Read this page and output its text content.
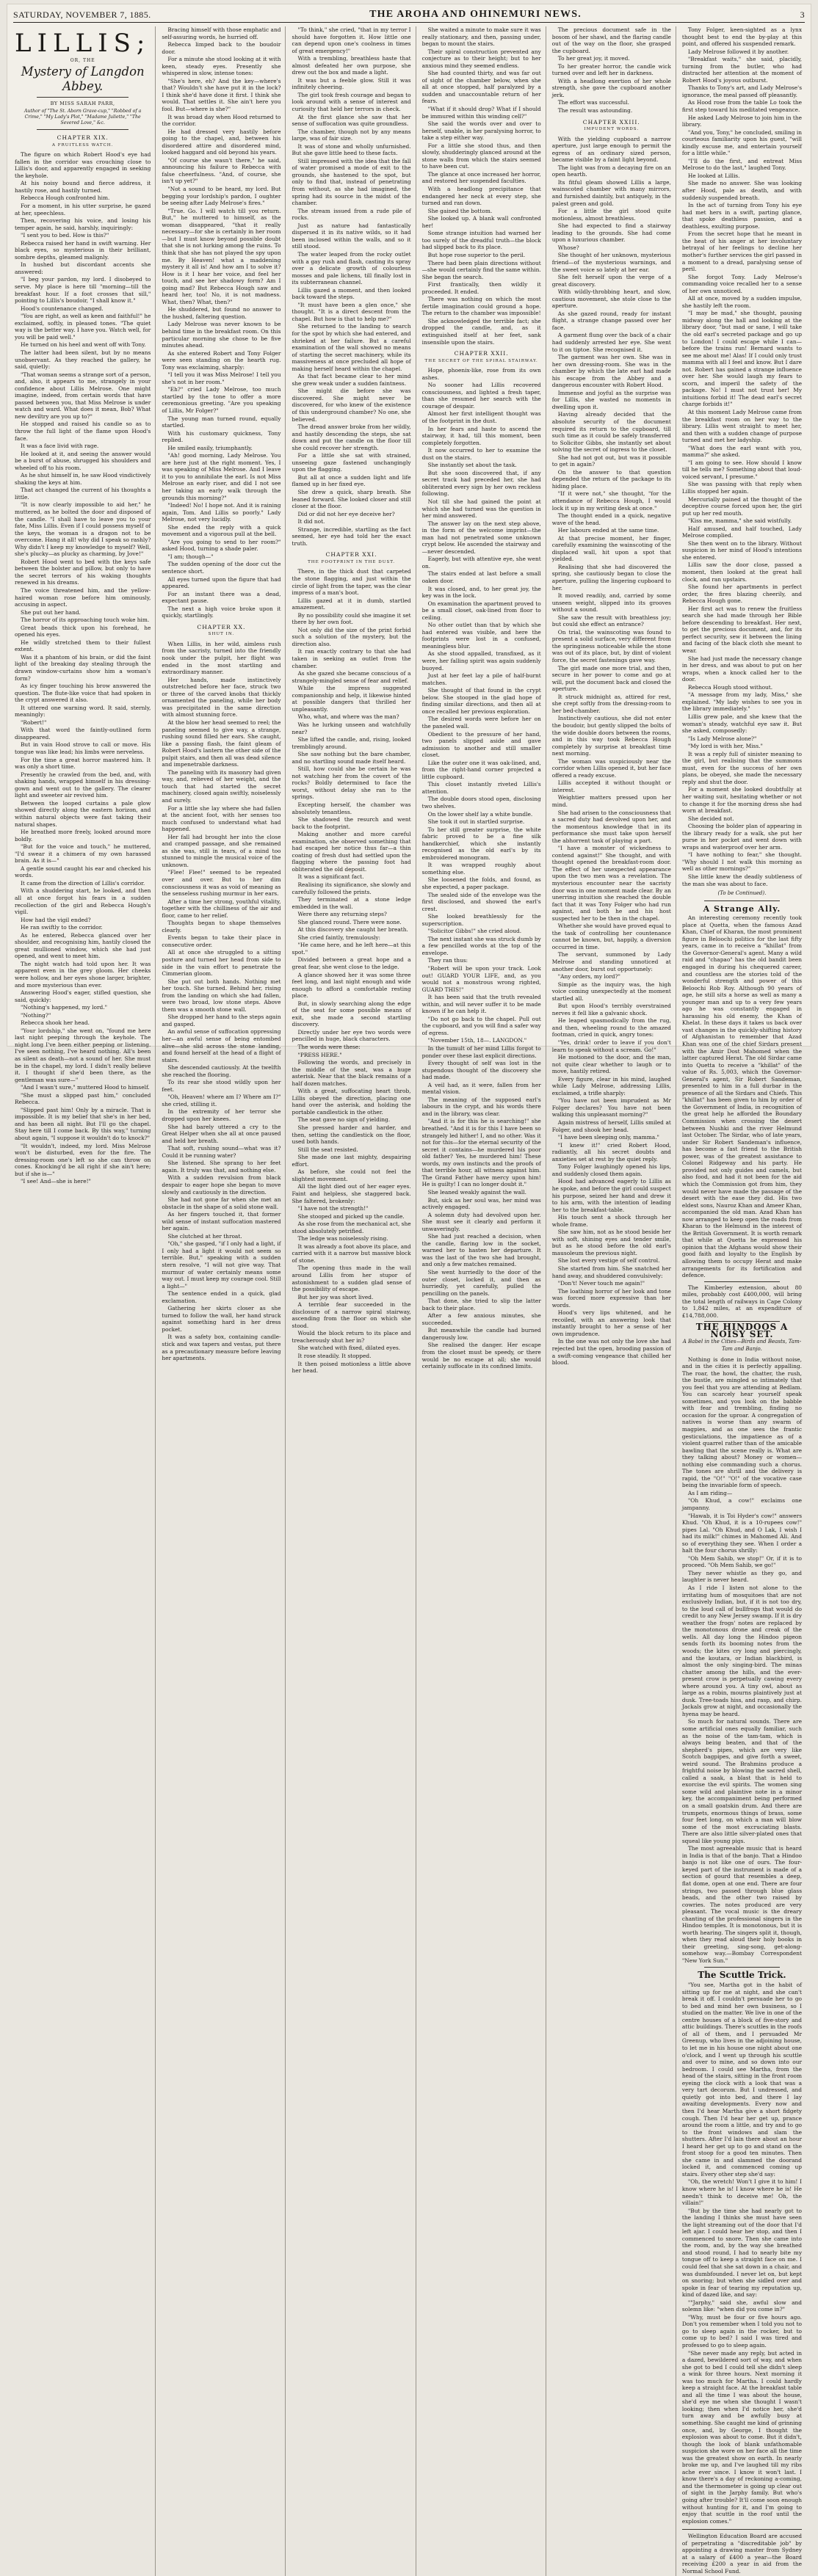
SATURDAY, NOVEMBER 7, 1885.	THE AROHA AND OHINEMURI NEWS.	3
LILLIS;
OR, THE
Mystery of Langdon Abbey.
BY MISS SARAH PARR,
Author of "The St. Aborn Grave-cup," "Robbed of a Crime," "My Lady's Plot," "Madame Juliette," "The Severed Love," &c.
CHAPTER XIX.
A FRUITLESS WATCH.

The figure on which Robert Hood's eye had fallen in the corridor was crouching close to Lillis's door, and apparently engaged in seeking the keyhole.

At his noisy bound and fierce address, it hastily rose, and hastily turned.

Rebecca Hough confronted him.

For a moment, in his utter surprise, he gazed at her, speechless.

Then, recovering his voice, and losing his temper again, he said, harshly, inquiringly:

"I sent you to bed. How is this?"

Rebecca raised her hand in swift warning. Her black eyes, so mysterious in their brilliant, sombre depths, gleamed malignly.

In hushed but discordant accents she answered:

"I beg your pardon, my lord. I disobeyed to serve. My place is here till "morning—till the breakfast hour. If a foot crosses that sill," pointing to Lillis's boudoir, "I shall know it."

Hood's countenance changed.

"You are right, as well as keen and faithful!" he exclaimed, softly, in pleased tones. "The quiet way is the better way. I have you. Watch well, for you will be paid well."

He turned on his heel and went off with Tony.

The latter had been silent, but by no means unobservant. As they reached the gallery, he said, quietly:

"That woman seems a strange sort of a person, and, also, it appears to me, strangely in your confidence about Lillis Melrose. One might imagine, indeed, from certain words that have passed between you, that Miss Melrose is under watch and ward. What does it mean, Bob? What new deviltry are you up to?"

He stopped and raised his candle so as to throw the full light of the flame upon Hood's face.

It was a face livid with rage.

He looked at it, and seeing the answer would be a burst of abuse, shrugged his shoulders and wheeled off to his room.

As he shut himself in, he saw Hood vindictively shaking the keys at him.

That act changed the current of his thoughts a little.

"It is now clearly impossible to aid her," he muttered, as he bolted the door and disposed of the candle. "I shall have to leave you to your fate, Miss Lillis. Even if I could possess myself of the keys, the woman is a dragon not to be overcome. Hang it all! why did I speak so rashly? Why didn't I keep my knowledge to myself? Well, she's plucky—as plucky as charming, by Jove!"

Robert Hood went to bed with the keys safe between the bolster and pillow, but only to have the secret terrors of his waking thoughts renewed in his dreams.

The voice threatened him, and the yellow-haired woman rose before him ominously, accusing in aspect.

She put out her hand.

The horror of its approaching touch woke him.

Great beads thick upon his forehead, he opened his eyes.

He wildly stretched them to their fullest extent.

Was it a phantom of his brain, or did the faint light of the breaking day stealing through the drawn window-curtains show him a woman's form?

As icy finger touching his brow answered the question. The flute-like voice that had spoken in the crypt answered it also.

It uttered one warning word. It said, sternly, meaningly:

"Robert!"

With that word the faintly-outlined form disappeared.

But in vain Hood strove to call or move. His tongue was like lead; his limbs were nerveless.

For the time a great horror mastered him. It was only a short time.

Presently he crawled from the bed, and, with shaking hands, wrapped himself in his dressing-gown and went out to the gallery. The clearer light and sweeter air revived him.

Between the looped curtains a pale glow showed directly along the eastern horizon, and within natural objects were fast taking their natural shapes.

He breathed more freely, looked around more boldly.

"But for the voice and touch," he muttered, "I'd swear it a chimera of my own harassed brain. As it is—"

A gentle sound caught his ear and checked his words.

It came from the direction of Lillis's corridor.

With a shuddering start, he looked, and then all at once forgot his fears in a sudden recollection of the girl and Rebecca Hough's vigil.

How had the vigil ended?

He ran swiftly to the corridor.

As he entered, Rebecca glanced over her shoulder, and recognising him, hastily closed the great mullioned window, which she had just opened, and went to meet him.

The night watch had told upon her. It was apparent even in the grey gloom. Her cheeks were hollow, and her eyes shone larger, brighter, and more mysterious than ever.

Answering Hood's eager, stifled question, she said, quickly:

"Nothing's happened, my lord."

"Nothing?"

Rebecca shook her head.

"Your lordship," she went on, "found me here last night peeping through the keyhole. The night long I've been either peeping or listening. I've seen nothing, I've heard nothing. All's been as silent as death—not a sound of her. She must be in the chapel, my lord. I didn't really believe it. I thought if she'd been there, as the gentleman was sure—"

"And I wasn't sure," muttered Hood to himself.

"She must a slipped past him," concluded Rebecca.

"Slipped past him! Only by a miracle. That is impossible. It is my belief that she's in her bed, and has been all night. But I'll go the chapel. Stay here till I come back. By this way," turning about again, "I suppose it wouldn't do to knock?"

"It wouldn't, indeed, my lord. Miss Melrose won't be disturbed, even for the fire. The dressing-room one's left so she can throw on cones. Knocking'd be all right if she ain't here; but if she is—"

"I see! And—she is here!"

Bracing himself with those emphatic and self-assuring words, he hurried off.

Rebecca limped back to the boudoir door.

For a minute she stood looking at it with keen, steady eyes. Presently she whispered in slow, intense tones:

"She's here, eh? And the key—where's that? Wouldn't she have put it in the lock? I think she'd have done it first. I think she would. That settles it. She ain't here you fool. But—where is she?"

It was broad day when Hood returned to the corridor.

He had dressed very hastily before going to the chapel, and, between his disordered attire and disordered mind, looked haggard and old beyond his years.

"Of course she wasn't there," he said, announcing his failure to Rebecca with false cheerfulness. "And, of course, she isn't up yet?"

"Not a sound to be heard, my lord. But begging your lordship's pardon, I oughter be seeing after Lady Melrose's fires."

"True. Go. I will watch till you return. But," he muttered to himself, as the woman disappeared, "that it really necessary—for she is certainly in her room—but I must know beyond possible doubt that she is not lurking among the ruins. To think that she has not played the spy upon me. By Heaven! what a maddening mystery it all is! And how am I to solve it? How is it I hear her voice, and feel her touch, and see her shadowy form? Am I going mad? But Rebecca Hough saw and heard her, too! No, it is not madness. What, then? What, then?"

He shuddered, but found no answer to the hushed, faltering question.

Lady Melrose was never known to be behind time in the breakfast room. On this particular morning she chose to be five minutes ahead.

As she entered Robert and Tony Folger were seen standing on the hearth rug. Tony was exclaiming, sharply:

"I tell you it was Miss Melrose! I tell you she's not in her room."

"Eh?" cried Lady Melrose, too much startled by the tone to offer a more ceremonious greeting. "Are you speaking of Lillis, Mr Folger?"

The young man turned round, equally startled.

With his customary quickness, Tony replied.

He smiled easily, triumphantly.

"Ah! good morning, Lady Melrose. You are here just at the right moment. Yes, I was speaking of Miss Melrose. And I leave it to you to annihilate the earl. Is not Miss Melrose an early riser, and did I not see her taking an early walk through the grounds this morning?"

"Indeed! No! I hope not. And it is raining again, Tom. And Lillis so poorly." Lady Melrose, not very lucidly.

She ended the reply with a quick movement and a vigorous pull at the bell.

"Are you going to send to her room?" asked Hood, turning a shade paler.

"I am; though—"

The sudden opening of the door cut the sentence short.

All eyes turned upon the figure that had appeared.

For an instant there was a dead, expectant pause.

The next a high voice broke upon it quickly, startlingly.

CHAPTER XX.
SHUT IN.

When Lillis, in her wild, aimless rush from the sacristy, turned into the friendly nook under the pulpit, her flight was ended in the most startling and extraordinary manner.

Her hands, made instinctively outstretched before her face, struck two or three of the carved knobs that thickly ornamented the paneling, while her body was precipitated in the same direction with almost stunning force.

At the blow her head seemed to reel; the paneling seemed to give way, a strange, rushing sound filled her ears. She caught, like a passing flash, the faint gleam of Robert Hood's lantern the other side of the pulpit stairs, and then all was dead silence and impenetrable darkness.

The paneling with its masonry had given way, and, relieved of her weight, and the touch that had started the secret machinery, closed again swiftly, noiselessly and surely.

For a little she lay where she had fallen at the ancient foot, with her senses too much confused to understand what had happened.

Her fall had brought her into the close and cramped passage, and she remained as she was, still in tears, of a mind too stunned to mingle the musical voice of the unknown.

"Flee! Flee!" seemed to be repeated over and over. But to her dim consciousness it was as void of meaning as the senseless rushing murmur in her ears.

After a time her strong, youthful vitality, together with the chilliness of the air and floor, came to her relief.

Thoughts began to shape themselves clearly.

Events began to take their place in consecutive order.

All at once she struggled to a sitting posture and turned her head from side to side in the vain effort to penetrate the Cimmerian gloom.

She put out both hands. Nothing met her touch. She turned. Behind her, rising from the landing on which she had fallen, were two broad, low stone steps. Above them was a smooth stone wall.

She dropped her hand to the steps again and gasped.

An awful sense of suffocation oppressing her—an awful sense of being entombed alive—she slid across the stone landing, and found herself at the head of a flight of stairs.

She descended cautiously. At the twelfth she reached the flooring.

To its rear she stood wildly upon her feet.

"Oh, Heaven! where am I? Where am I?" she cried, stilling it.

In the extremity of her terror she dropped upon her knees.

She had barely uttered a cry to the Great Helper when she all at once paused and held her breath.

That soft, rushing sound—what was it? Could it be running water?

She listened. She sprang to her feet again. It truly was that, and nothing else.

With a sudden revulsion from black despair to eager hope she began to move slowly and cautiously in the direction.

She had not gone far when she met an obstacle in the shape of a solid stone wall.

As her fingers touched it, that former wild sense of instant suffocation mastered her again.

She clutched at her throat.

"Oh," she gasped, "if I only had a light, if I only had a light it would not seem so terrible. But," speaking with a sudden stern resolve, "I will not give way. That murmur of water certainly means some way out. I must keep my courage cool. Still a light—"

The sentence ended in a quick, glad exclamation.

Gathering her skirts closer as she turned to follow the wall, her hand struck against something hard in her dress pocket.

It was a safety box, containing candle-stick and wax tapers and vestas, put there as a precautionary measure before leaving her apartments.

"To think," she cried, "that in my terror I should have forgotten it. How little one can depend upon one's coolness in times of great emergency!"

With a trembling, breathless haste that almost defeated her own purpose, she drew out the box and made a light.

It was but a feeble glow. Still it was infinitely cheering.

The girl took fresh courage and began to look around with a sense of interest and curiosity that held her terrors in check.

At the first glance she saw that her sense of suffocation was quite groundless.

The chamber, though not by any means large, was of fair size.

It was of stone and wholly unfurnished. But she gave little heed to these facts.

Still impressed with the idea that the fall of water promised a mode of exit to the grounds, she hastened to the spot, but only to find that, instead of penetrating from without, as she had imagined, the spring had its source in the midst of the chamber.

The stream issued from a rude pile of rocks.

Just as nature had fantastically dispersed it in its native wilds, so it had been inclosed within the walls, and so it still stood.

The water leaped from the rocky outlet with a gay rush and flash, casting its spray over a delicate growth of colourless mosses and pale lichens, till finally lost in its subterranean channel.

Lillis gazed a moment, and then looked back toward the steps.

"It must have been a glen once," she thought. "It is a direct descent from the chapel. But how is that to help me?"

She returned to the landing to search for the spot by which she had entered, and shrieked at her failure. But a careful examination of the wall showed no means of starting the secret machinery, while its massiveness at once precluded all hope of making herself heard within the chapel.

As that fact became clear to her mind she grew weak under a sudden faintness.

She might die before she was discovered. She might never be discovered, for who knew of the existence of this underground chamber? No one, she believed.

The dread answer broke from her wildly, and hastily descending the steps, she sat down and put the candle on the floor till she could recover her strength.

For a little she sat with strained, unseeing gaze fastened unchangingly upon the flagging.

But all at once a sudden light and life flamed up in her fixed eye.

She drew a quick, sharp breath. She leaned forward. She looked closer and still closer at the floor.

Did or did not her eye deceive her?

It did not.

Strange, incredible, startling as the fact seemed, her eye had told her the exact truth.

CHAPTER XXI.
THE FOOTPRINT IN THE DUST.

There, in the thick dust that carpeted the stone flagging, and just within the circle of light from the taper, was the clear impress of a man's boot.

Lillis gazed at it in dumb, startled amazement.

By no possibility could she imagine it set there by her own foot.

Not only did the size of the print forbid such a solution of the mystery, but the direction also.

It ran exactly contrary to that she had taken in seeking an outlet from the chamber.

As she gazed she became conscious of a strangely-mingled sense of fear and relief.

While the impress suggested companionship and help, it likewise hinted at possible dangers that thrilled her unpleasantly.

Who, what, and where was the man?

Was he lurking unseen and watchfully near?

She lifted the candle, and, rising, looked tremblingly around.

She saw nothing but the bare chamber, and no startling sound made itself heard.

Still, how could she be certain he was not watching her from the covert of the rocks? Boldly determined to face the worst, without delay she ran to the springs.

Excepting herself, the chamber was absolutely tenantless.

She shadowed the resurch and went back to the footprint.

Making another and more careful examination, she observed something that had escaped her notice thus far—a thin coating of fresh dust had settled upon the flagging where the passing foot had obliterated the old deposit.

It was a significant fact.

Realising its significance, she slowly and carefully followed the prints.

They terminated at a stone ledge embedded in the wall.

Were there any returning steps?

She glanced round. There were none.

At this discovery she caught her breath.

She cried faintly, tremulously:

"He came here, and he left here—at this spot."

Divided between a great hope and a great fear, she went close to the ledge.

A glance showed her it was some three feet long, and last night enough and wide enough to afford a comfortable resting place.

But, in slowly searching along the edge of the seat for some possible means of exit, she made a second startling discovery.

Directly under her eye two words were pencilled in huge, black characters.

The words were these:

"PRESS HERE."

Following the words, and precisely in the middle of the seat, was a huge asterisk. Near that the black remains of a half dozen matches.

With a great, suffocating heart throb, Lillis obeyed the direction, placing one hand over the asterisk, and holding the portable candlestick in the other.

The seat gave no sign of yielding.

She pressed harder and harder, and then, setting the candlestick on the floor, used both hands.

Still the seat resisted.

She made one last mighty, despairing effort.

As before, she could not feel the slightest movement.

All the light died out of her eager eyes. Faint and helpless, she staggered back. She faltered, brokenly:

"I have not the strength!"

She stooped and picked up the candle.

As she rose from the mechanical act, she stood absolutely petrified.

The ledge was noiselessly rising.

It was already a foot above its place, and carried with it a narrow but massive block of stone.

The opening thus made in the wall around Lillis from her stupor of astonishment to a sudden glad sense of the possibility of escape.

But her joy was short lived.

A terrible fear succeeded in the disclosure of a narrow spiral stairway, ascending from the floor on which she stood.

Would the block return to its place and treacherously shut her in?

She watched with fixed, dilated eyes.

It rose steadily. It stopped.

It then poised motionless a little above her head.

She waited a minute to make sure it was really stationary, and then, passing under, began to mount the stairs.

Their spiral construction prevented any conjecture as to their height; but to her anxious mind they seemed endless.

She had counted thirty, and was far out of sight of the chamber below, when she all at once stopped, half paralyzed by a sudden and unaccountable return of her fears.

"What if it should drop? What if I should be immured within this winding cell?"

She said the words over and over to herself, unable, in her paralysing horror, to take a step either way.

For a little she stood thus, and then slowly, shudderingly glanced around at the stone walls from which the stairs seemed to have been cut.

The glance at once increased her horror, and restored her suspended faculties.

With a headlong precipitance that endangered her neck at every step, she turned and ran down.

She gained the bottom.

She looked up. A blank wall confronted her!

Some strange intuition had warned her too surely of the dreadful truth—the block had slipped back to its place.

But hope rose superior to the peril.

There had been plain directions without—she would certainly find the same within. She began the search.

First frantically, then wildly it proceeded. It ended.

There was nothing on which the most fertile imagination could ground a hope. The return to the chamber was impossible!

She acknowledged the terrible fact; she dropped the candle, and, as it extinguished itself at her feet, sank insensible upon the stairs.

CHAPTER XXII.
THE SECRET OF THE SPIRAL STAIRWAY.

Hope, phoenix-like, rose from its own ashes.

No sooner had Lillis recovered consciousness, and lighted a fresh taper, than she resumed her search with the courage of despair.

Almost her first intelligent thought was of the footprint in the dust.

In her fears and haste to ascend the stairway, it had, till this moment, been completely forgotten.

It now occurred to her to examine the dust on the stairs.

She instantly set about the task.

But she soon discovered that, if any secret track had preceded her, she had obliterated every sign by her own reckless following.

Not till she had gained the point at which she had turned was the question in her mind answered.

The answer lay on the next step above, in the form of the welcome imprint—the man had not penetrated some unknown crypt below. He ascended the stairway and—never descended.

Eagerly, but with attentive eye, she went on.

The stairs ended at last before a small oaken door.

It was closed, and, to her great joy, the key was in the lock.

On examination the apartment proved to be a small closet, oak-lined from floor to ceiling.

No other outlet than that by which she had entered was visible, and here the footprints were lost in a confused, meaningless blur.

As she stood appalled, transfixed, as it were, her falling spirit was again suddenly buoyed.

Just at her feet lay a pile of half-burnt matches.

She thought of that found in the crypt below. She stooped in the glad hope of finding similar directions, and then all at once recalled her previous exploration.

The desired words were before her on the paneled wall.

Obedient to the pressure of her hand, two panels slipped aside and gave admission to another and still smaller closet.

Like the outer one it was oak-lined, and, from the right-hand corner projected a little cupboard.

This closet instantly riveted Lillis's attention.

The double doors stood open, disclosing two shelves.

On the lower shelf lay a white bundle.

She took it out in startled surprise.

To her still greater surprise, the white fabric proved to be a fine silk handkerchief, which she instantly recognised as the old earl's by its embroidered monogram.

It was wrapped roughly about something else.

She loosened the folds, and found, as she expected, a paper package.

The sealed side of the envelope was the first disclosed, and showed the earl's crest.

She looked breathlessly for the superscription.

"Solicitor Gibbs!" she cried aloud.

The next instant she was struck dumb by a few pencilled words at the top of the envelope.

They ran thus:

"Robert will be upon your track. Look out! GUARD YOUR LIFE, and, as you would not a monstrous wrong righted, GUARD THIS!"

It has been said that the truth revealed within, and will never suffer it to be made known if he can help it.

"Do not go back to the chapel. Pull out the cupboard, and you will find a safer way of egress.

"November 15th, 18—. LANGDON."

In the tumult of her mind Lillis forgot to ponder over these last explicit directions.

Every thought of self was lost in the stupendous thought of the discovery she had made.

A veil had, as it were, fallen from her mental vision.

The meaning of the supposed earl's labours in the crypt, and his words there and in the library, was clear.

"And it is for this he is searching!" she breathed. "And it is for this I have been so strangely led hither! I, and no other. Was it not for this—for the eternal security of the secret it contains—he murdered his poor old father? Yes, he murdered him! These words, my own instincts and the proofs of that terrible hour, all witness against him. The Grand Father have mercy upon him! He is guilty! I can no longer doubt it."

She leaned weakly against the wall.

But, sick as her soul was, her mind was actively engaged.

A solemn duty had devolved upon her. She must see it clearly and perform it unwaveringly.

She had just reached a decision, when the candle, flaring low in the socket, warned her to hasten her departure. It was the last of the two she had brought, and only a few matches remained.

She went hurriedly to the door of the outer closet, locked it, and then as hurriedly, yet carefully, pulled the pencilling on the panels.

That done, she tried to slip the latter back to their place.

After a few anxious minutes, she succeeded.

But meanwhile the candle had burned dangerously low.

She realised the danger. Her escape from the closet must be speedy, or there would be no escape at all; she would certainly suffocate in its confined limits.

The precious document safe in the bosom of her shawl, and the flaring candle out of the way on the floor, she grasped the cupboard.

To her great joy, it moved.

To her greater horror, the candle wick turned over and left her in darkness.

With a headlong exertion of her whole strength, she gave the cupboard another jerk.

The effort was successful.

The result was astounding.

CHAPTER XXIII.
IMPUDENT WORDS.

With the yielding cupboard a narrow aperture, just large enough to permit the egress of an ordinary sized person, became visible by a faint light beyond.

The light was from a decaying fire on an open hearth.

Its fitful gleam showed Lillis a large, wainscoted chamber with many mirrors, and furnished daintily, but antiquely, in the palest green and gold.

For a little the girl stood quite motionless, almost breathless.

She had expected to find a stairway leading to the grounds. She had come upon a luxurious chamber.

Whose?

She thought of her unknown, mysterious friend—of the mysterious warnings, and the sweet voice so lately at her ear.

She felt herself upon the verge of a great discovery.

With wildly-throbbing heart, and slow, cautious movement, she stole close to the aperture.

As she gazed round, ready for instant flight, a strange change passed over her face.

A garment flung over the back of a chair had suddenly arrested her eye. She went to it on tiptoe. She recognised it.

The garment was her own. She was in her own dressing-room. She was in the chamber by which the late earl had made his escape from the Abbey and a dangerous encounter with Robert Hood.

Immense and joyful as the surprise was for Lillis, she wasted no moments in dwelling upon it.

Having already decided that the absolute security of the document required its return to the cupboard, till such time as it could be safely transferred to Solicitor Gibbs, she instantly set about solving the secret of ingress to the closet.

She had not got out, but was it possible to get in again?

On the answer to that question depended the return of the package to its hiding place.

"If it were not," she thought, "for the attendance of Rebecca Hough, I would lock it up in my writing desk at once."

The thought ended in a quick, negative wave of the head.

Her labours ended at the same time.

At that precise moment, her finger, carefully examining the wainscoting of the displaced wall, hit upon a spot that yielded.

Realising that she had discovered the spring, she cautiously began to close the aperture, pulling the lingering cupboard to her.

It moved readily, and, carried by some unseen weight, slipped into its grooves without a sound.

She saw the result with breathless joy; but could she effect an entrance?

On trial, the wainscoting was found to present a solid surface, very different from the springiness noticeable while the stone was out of its place, but, by dint of violent force, the secret fastenings gave way.

The girl made one more trial, and then, secure in her power to come and go at will, put the document back and closed the aperture.

It struck midnight as, attired for rest, she crept softly from the dressing-room to her bed-chamber.

Instinctively cautious, she did not enter the boudoir, but gently slipped the bolts of the wide double doors between the rooms, and in this way took Rebecca Hough completely by surprise at breakfast time next morning.

The woman was suspiciously near the corridor when Lillis opened it, but her face offered a ready excuse.

Lillis accepted it without thought or interest.

Weightier matters pressed upon her mind.

She had arisen to the consciousness that a sacred duty had devolved upon her, and the momentous knowledge that in its performance she must take upon herself the abhorrent task of playing a part.

"I have a monster of wickedness to contend against!" She thought, and with thought opened the breakfast-room door. The effect of her unexpected appearance upon the two men was a revelation. The mysterious encounter near the sacristy door was in one moment made clear. By an unerring intuition she reached the double fact that it was Tony Folger who had run against, and both he and his host suspected her to be then in the chapel.

Whether she would have proved equal to the task of controlling her countenance cannot be known, but, happily, a diversion occurred in time.

The servant, summoned by Lady Melrose and standing unnoticed at another door, burst out opportunely:

"Any orders, my lord?"

Simple as the inquiry was, the high voice coming unexpectedly at the moment startled all.

But upon Hood's terribly overstrained nerves it fell like a galvanic shock.

He leaped spasmodically from the rug, and then, wheeling round to the amazed footman, cried in quick, angry tones:

"Yes, drink! order to leave if you don't learn to speak without a scream. Go!"

He motioned to the door, and the man, not quite clear whether to laugh or to move, hastily retired.

Every figure, clear in his mind, laughed while Lady Melrose, addressing Lillis, exclaimed, a trifle sharply:

"You have not been imprudent as Mr Folger declares? You have not been walking this unpleasant morning?"

Again mistress of herself, Lillis smiled at Folger, and shook her head.

"I have been sleeping only, mamma."

"I knew it!" cried Robert Hood, radiantly, all his secret doubts and anxieties set at rest by the quiet reply.

Tony Folger laughingly opened his lips, and suddenly closed them again.

Hood had advanced eagerly to Lillis as he spoke, and before the girl could suspect his purpose, seized her hand and drew it to his arm, with the intention of leading her to the breakfast-table.

His touch sent a shock through her whole frame.

She saw him, not as he stood beside her with soft, shining eyes and tender smile, but as he stood before the old earl's mausoleum the previous night.

She lost every vestige of self control.

She started from him. She snatched her hand away, and shuddered convulsively:

"Don't! Never touch me again!"

The loathing horror of her look and tone was forced more expressive than her words.

Hood's very lips whitened, and he recoiled, with an answering look that instantly brought to her a sense of her own imprudence.

In the one was not only the love she had rejected but the open, brooding passion of a swift-coming vengeance that chilled her blood.

Tony Folger, keen-sighted as a lynx thought best to end the by-play at this point, and offered his suspended remark.

Lady Melrose followed it by another.

"Breakfast waits," she said, placidly, turning from the butler, who had distracted her attention at the moment of Robert Hood's joyous outburst.

Thanks to Tony's art, and Lady Melrose's ignorance, the meal passed off pleasantly.

As Hood rose from the table Lo took the first step toward his meditated vengeance.

He asked Lady Melrose to join him in the library.

"And you, Tony," he concluded, smiling in courteous familiarity upon his guest, "will kindly excuse me, and entertain yourself for a little while."

"I'll do the first, and entreat Miss Melrose to do the last," laughed Tony.

He looked at Lillis.

She made no answer. She was looking after Hood, pale as death, and with suddenly suspended breath.

In the act of turning from Tony his eye had met hers in a swift, parting glance, that spoke deathless passion, and a deathless, exulting purpose.

From the secret hope that he meant in the heat of his anger at her involuntary betrayal of her feelings to decline her mother's further services the girl passed in a moment to a dread, paralysing sense of peril.

She forgot Tony. Lady Melrose's commanding voice recalled her to a sense of her own unnoticed.

All at once, moved by a sudden impulse, she hastily left the room.

"I may be mad," she thought, pausing midway along the hall and looking at the library door, "but mad or sane, I will take the old earl's secreted package and go up to London! I could escape while I can—before the trains run! Bernard wants to see me about me! Alas! If I could only trust mamma with all I feel and know. But I dare not. Robert has gained a strange influence over her. She would laugh my fears to scorn, and imperil the safety of the package. No! I must not trust her! My intuitions forbid it! The dead earl's secret charge forbids it!"

At this moment Lady Melrose came from the breakfast room on her way to the library. Lillis went straight to meet her, and then with a sudden change of purpose turned and met her ladyship.

"What does the earl want with you, mamma?" she asked.

"I am going to see. How should I know till he tells me? Something about that loud-voiced servant, I presume."

She was passing with that reply when Lillis stopped her again.

Mercurially pained at the thought of the deceptive course forced upon her, the girl put up her red mouth.

"Kiss me, mamma," she said wistfully.

Half amused, and half touched, Lady Melrose complied.

She then went on to the library. Without suspicion in her mind of Hood's intentions she entered.

Lillis saw the door close, passed a moment, then looked at the great hall clock, and ran upstairs.

She found her apartments in perfect order, the fires blazing cheerily, and Rebecca Hough gone.

Her first act was to renew the fruitless search she had made through her Bible before descending to breakfast. Her next, to get the precious document, and, for its perfect security, sew it between the lining and facing of the black cloth she meant to wear.

She had just made the necessary change in her dress, and was about to put on her wraps, when a knock called her to the door.

Rebecca Hough stood without.

"A message from my lady, Miss," she explained. "My lady wishes to see you in the library immediately."

Lillis grew pale, and she knew that the woman's steady, watchful eye saw it. But she asked, composedly:

"Is Lady Melrose alone?"

"My lord is with her, Miss."

It was a reply full of sinister meaning to the girl, but realising that the summons must, even for the success of her own plans, be obeyed, she made the necessary reply and shut the door.

For a moment she looked doubtfully at her waiting suit, hesitating whether or not to change it for the morning dress she had worn at breakfast.

She decided not.

Choosing the bolder plan of appearing in the library ready for a walk, she put her purse in her pocket and went down with wraps and waterproof over her arm.

"I have nothing to fear," she thought. "Why should I not walk this morning as well as other mornings?"

She little knew the deadly subtleness of the man she was about to face.

(To be Continued).
A Strange Ally.

An interesting ceremony recently took place at Quetta, when the famous Azad Khan, Chief of Kharan, the most prominent figure in Beloochi politics for the last fifty years, came in to receive a "khillat" from the Governor-General's agent. Many a wild raid and "chapao" has the old bandit been engaged in during his chequered career, and countless are the stories told of the wonderful strength and power of this Beloochi Rob Roy. Although 90 years of age, he still sits a horse as well as many a younger man and up to a very few years ago he was constantly engaged in harassing his old enemy, the Khan of Khelat. In these days it takes us back over vast changes in the quickly-shifting history of Afghanistan to remember that Azad Khan was one of the chief Sirdars present with the Amir Dost Mahomed when the latter captured Herat. The old Sirdar came into Quetta to receive a "khillat" of the value of Rs. 5,003, which the Governor-General's agent, Sir Robert Sandeman, presented to him in a full durbar in the presence of all the Sirdars and Chiefs. This "khillat" has been given to him by order of the Government of India, in recognition of the great help he afforded the Boundary Commission when crossing the desert between Nushki and the river Helmund last October. The Sirdar, who of late years, under Sir Robert Sandeman's influence, has become a fast friend to the British power, was of the greatest assistance to Colonel Ridgeway and his party. He provided not only guides and camels, but also food, and had it not been for the aid which the Commission got from him, they would never have made the passage of the desert with the ease they did. His two eldest sons, Nauroz Khan and Ameer Khan, accompanied the old man. Azad Khan has now arranged to keep open the roads from Kharan to the Helmund in the interest of the British Government. It is worth remark that while at Quetta he expressed his opinion that the Afghans would show their good faith and loyalty to the English by allowing them to occupy Herat and make arrangements for its fortification and defence.

The Kimberley extension, about 80 miles, probably cost £400,000, will bring the total length of railways in Cape Colony to 1,842 miles, at an expenditure of £14,788,000.

THE HINDOOS A NOISY SET.
A Babel in the Cities—Birds and Beasts, Tam-Tam and Banjo.

Nothing is done in India without noise, and in the cities it is perfectly appalling. The roar, the howl, the chatter, the rush, the bustle, are mingled so intimately that you feel that you are attending at Bedlam. You can scarcely hear yourself speak sometimes, and you look on the babble with fear and trembling, finding no occasion for the uproar. A congregation of natives is worse than any swarm of magpies, and as one sees the frantic gesticulations, the impatience as of a violent quarrel rather than of the amicable bawling that the scene really is. What are they talking about? Money or women—nothing else commanding such a chorus. The tones are shrill and the delivery is rapid, the "O!" "O!" of the vocative case being the invariable form of speech.

As I am riding—

"Oh Khud, a cow!" exclaims one jampanny.

"Hawab, it is Toi Hyder's cow!" answers Khud. "Oh Khud, it is a 10-rupees cow!" pipes Lal. "Oh Khud, and O Lak, I wish I had its milk!" chimes in Mahomed Ali. And so of everything they see. When I order a halt the four chorus shrilly:

"Oh Mem Sahib, we stop!" Or, if it is to proceed. "Oh Mem Sahib, we go!"

They never whistle as they go, and laughter is never heard.

As I ride I listen not alone to the irritating hum of mosquitoes that are not exclusively Indian, but, if it is not too dry, to the loud call of bullfrogs that would do credit to any New Jersey swamp. If it is dry weather the frogs' notes are replaced by the monotonous drone and creak of the wells. All day long the Hindoo pigeon sends forth its booming notes from the woods; the kites cry long and piercingly, and the koutara, or Indian blackbird, is almost the only singing-bird. The minas chatter among the hills, and the ever-present crow is perpetually cawing every where around you. A tiny owl, about as large as a robin, mourns plaintively just at dusk. Tree-toads hiss, and rasp, and chirp. Jackals grow at night, and occasionally the hyena may be heard.

So much for natural sounds. There are some artificial ones equally familiar, such as the noise of the tam-tam, which is always being beaten, and that of the shepherd's pipes, which are very like Scotch bagpipes, and give forth a sweet, weird sound. The Brahmins produce a frightful noise by blowing the sacred shell, called a saak, a blast that is held to exorcise the evil spirits. The women sing some wild and plaintive note in a minor key, the accompaniment being performed on a small goatskin drum. And there are trumpets, enormous things of brass, some four feet long, on which a man will blow some of the most excruciating blasts. There are also little silver-plated ones that squeal like young pigs.

The most agreeable music that is heard in India is that of the banjo. That a Hindoo banjo is not like one of ours. The four-keyed part of the instrument is made of a section of gourd that resembles a deep, flat dome, open at one end. There are four strings, two passed through blue glass beads, and the other two raised by cowries. The notes produced are very pleasant. The vocal music is the dreary chanting of the professional singers in the Hindoo temples. It is monotonous, but it is worth hearing. The singers split it, though, when they read aloud their holy books in their greeting, sing-song, get-along-somehow way.—Bombay Correspondent "New York Sun."

The Scuttle Trick.

"You see, Martha got in the habit of sitting up for me at night, and she can't break it off. I couldn't persuade her to go to bed and mind her own business, so I studied on the matter. We live in one of the centre houses of a block of five-story and attic buildings. There's scuttles in the roofs of all of them, and I persuaded Mr Greenup, who lives in the adjoining house, to let me in his house one night about one o'clock, and I went up through his scuttle and over to mine, and so down into our bedroom. I could see Martha, from the head of the stairs, sitting in the front room eyeing the clock with a look that was a very tart decorum. But I undressed, and quietly got into bed, and there I lay awaiting developments. Every now and then I'd hear Martha give a short fidgety cough. Then I'd hear her get up, prance around the room a little, and try and to go to the front windows and slam the shutters. After I'd lain there about an hour I heard her get up to go and stand on the front stoop for a good ten minutes. Then she came in and slammed the doorand locked it, and commenced coming up stairs. Every other step she'd say:

"Oh, the wretch! Won't I give it to him! I know where he is! I know where he is! He needn't think to deceive me! Oh, the villain!"

"But by the time she had nearly got to the landing I thinks she must have seen the light streaming out of the door that I'd left ajar. I could hear her stop, and then I commenced to snore. Then she came into the room, and, by the way she breathed and stood round, I had to nearly bite my tongue off to keep a straight face on me. I could feel that she sat down in a chair, and was dumbfounded. I never let on, but kept on snoring; but when she sidled over and spoke in fear of tearing my reputation up, kind of dazed like, and say:

""Jarphy," said she, awful slow and solemn like: "when did you come in?"

"Why, must be four or five hours ago. Don't you remember when I told you not to go to sleep again in the rocker, but to come up to bed? I said I was tired and professed to go to sleep again.

"She never made any reply, but acted in a dazed, bewildered sort of way, and when she got to bed I could tell she didn't sleep a wink for three hours. Next morning it was too much for Martha. I could hardly keep a straight face. At the breakfast table and all the time I was about the house, she'd eye me when she thought I wasn't looking; then when I'd notice her, she'd turn away and be awfully busy at something. She caught me kind of grinning once, and, by George, I thought the explosion was about to come. But it didn't, though the look of blank unfathomable suspicion she wore on her face all the time was the greatest show on earth. In nearly broke me up, and I've laughed till my ribs ache ever since. I know it won't last. I know there's a day of reckoning a-coming, and the thermometer is going up clear out of sight in the Jarphy family. But who's going after trouble? It'll come soon enough without hunting for it, and I'm going to enjoy that scuttle in the roof until the explosion comes."

Wellington Education Board are accused of perpetrating a "discreditable job" by appointing a drawing master from Sydney at a salary of £400 a year—the Board receiving £200 a year in aid from the Normal School Fund.
